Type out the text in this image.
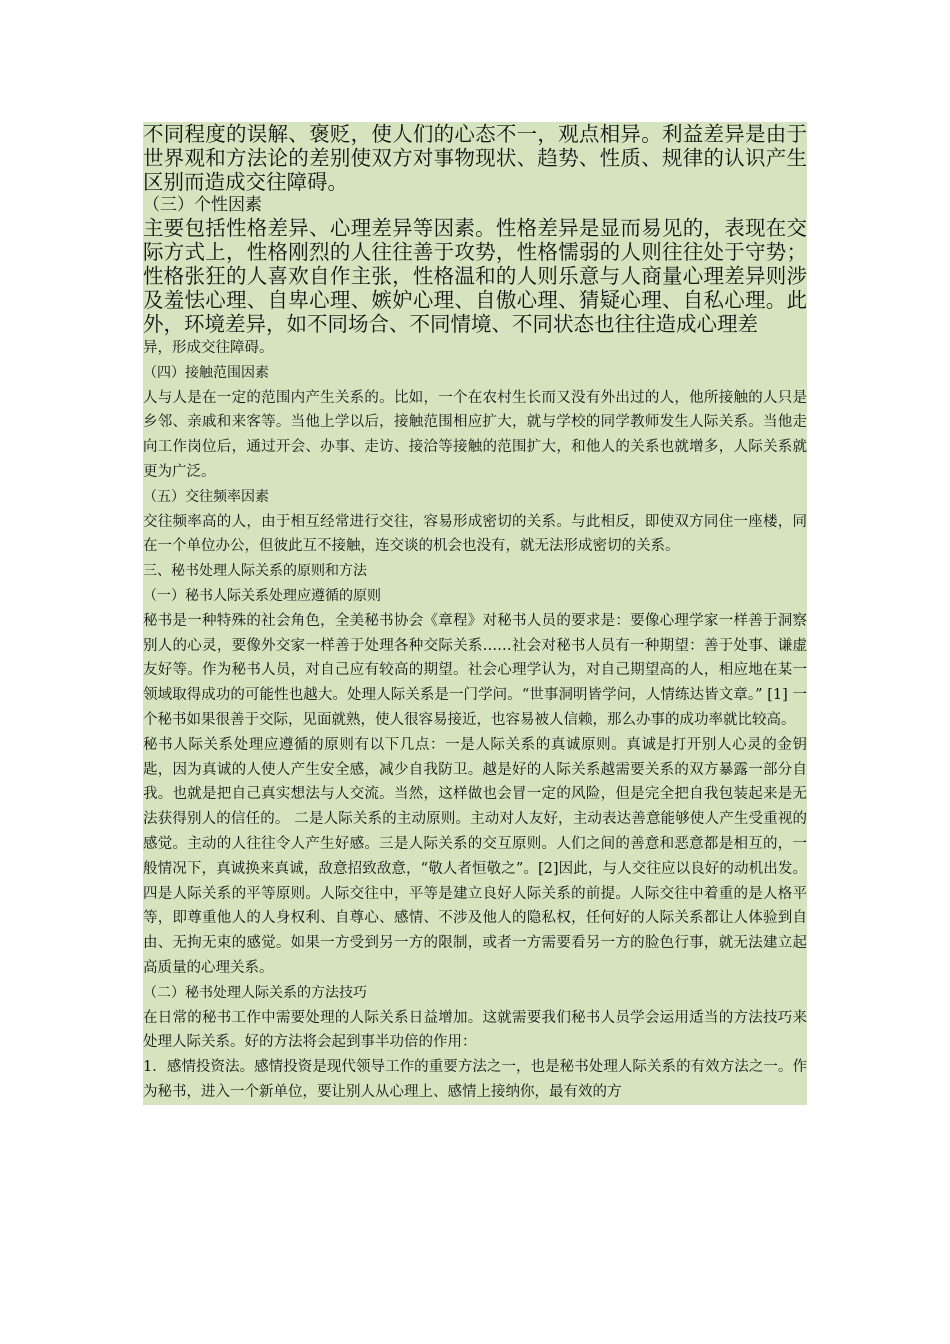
不同程度的误解、褒贬，使人们的心态不一，观点相异。利益差异是由于世界观和方法论的差别使双方对事物现状、趋势、性质、规律的认识产生区别而造成交往障碍。

（三）个性因素

主要包括性格差异、心理差异等因素。性格差异是显而易见的，表现在交际方式上，性格刚烈的人往往善于攻势，性格懦弱的人则往往处于守势；性格张狂的人喜欢自作主张，性格温和的人则乐意与人商量心理差异则涉及羞怯心理、自卑心理、嫉妒心理、自傲心理、猜疑心理、自私心理。此外，环境差异，如不同场合、不同情境、不同状态也往往造成心理差

异，形成交往障碍。

（四）接触范围因素

人与人是在一定的范围内产生关系的。比如，一个在农村生长而又没有外出过的人，他所接触的人只是乡邻、亲戚和来客等。当他上学以后，接触范围相应扩大，就与学校的同学教师发生人际关系。当他走向工作岗位后，通过开会、办事、走访、接洽等接触的范围扩大，和他人的关系也就增多，人际关系就更为广泛。

（五）交往频率因素

交往频率高的人，由于相互经常进行交往，容易形成密切的关系。与此相反，即使双方同住一座楼，同在一个单位办公，但彼此互不接触，连交谈的机会也没有，就无法形成密切的关系。

三、秘书处理人际关系的原则和方法

（一）秘书人际关系处理应遵循的原则

秘书是一种特殊的社会角色，全美秘书协会《章程》对秘书人员的要求是：要像心理学家一样善于洞察别人的心灵，要像外交家一样善于处理各种交际关系……社会对秘书人员有一种期望：善于处事、谦虚友好等。作为秘书人员，对自己应有较高的期望。社会心理学认为，对自己期望高的人，相应地在某一领域取得成功的可能性也越大。处理人际关系是一门学问。“世事洞明皆学问，人情练达皆文章。” [1] 一个秘书如果很善于交际，见面就熟，使人很容易接近，也容易被人信赖，那么办事的成功率就比较高。

秘书人际关系处理应遵循的原则有以下几点：一是人际关系的真诚原则。真诚是打开别人心灵的金钥匙，因为真诚的人使人产生安全感，减少自我防卫。越是好的人际关系越需要关系的双方暴露一部分自我。也就是把自己真实想法与人交流。当然，这样做也会冒一定的风险，但是完全把自我包装起来是无法获得别人的信任的。 二是人际关系的主动原则。主动对人友好，主动表达善意能够使人产生受重视的感觉。主动的人往往令人产生好感。三是人际关系的交互原则。人们之间的善意和恶意都是相互的，一般情况下，真诚换来真诚，敌意招致敌意，“敬人者恒敬之”。[2]因此，与人交往应以良好的动机出发。 四是人际关系的平等原则。人际交往中，平等是建立良好人际关系的前提。人际交往中着重的是人格平等，即尊重他人的人身权利、自尊心、感情、不涉及他人的隐私权，任何好的人际关系都让人体验到自由、无拘无束的感觉。如果一方受到另一方的限制，或者一方需要看另一方的脸色行事，就无法建立起高质量的心理关系。

（二）秘书处理人际关系的方法技巧

在日常的秘书工作中需要处理的人际关系日益增加。这就需要我们秘书人员学会运用适当的方法技巧来处理人际关系。好的方法将会起到事半功倍的作用：

1．感情投资法。感情投资是现代领导工作的重要方法之一，也是秘书处理人际关系的有效方法之一。作为秘书，进入一个新单位，要让别人从心理上、感情上接纳你，最有效的方
